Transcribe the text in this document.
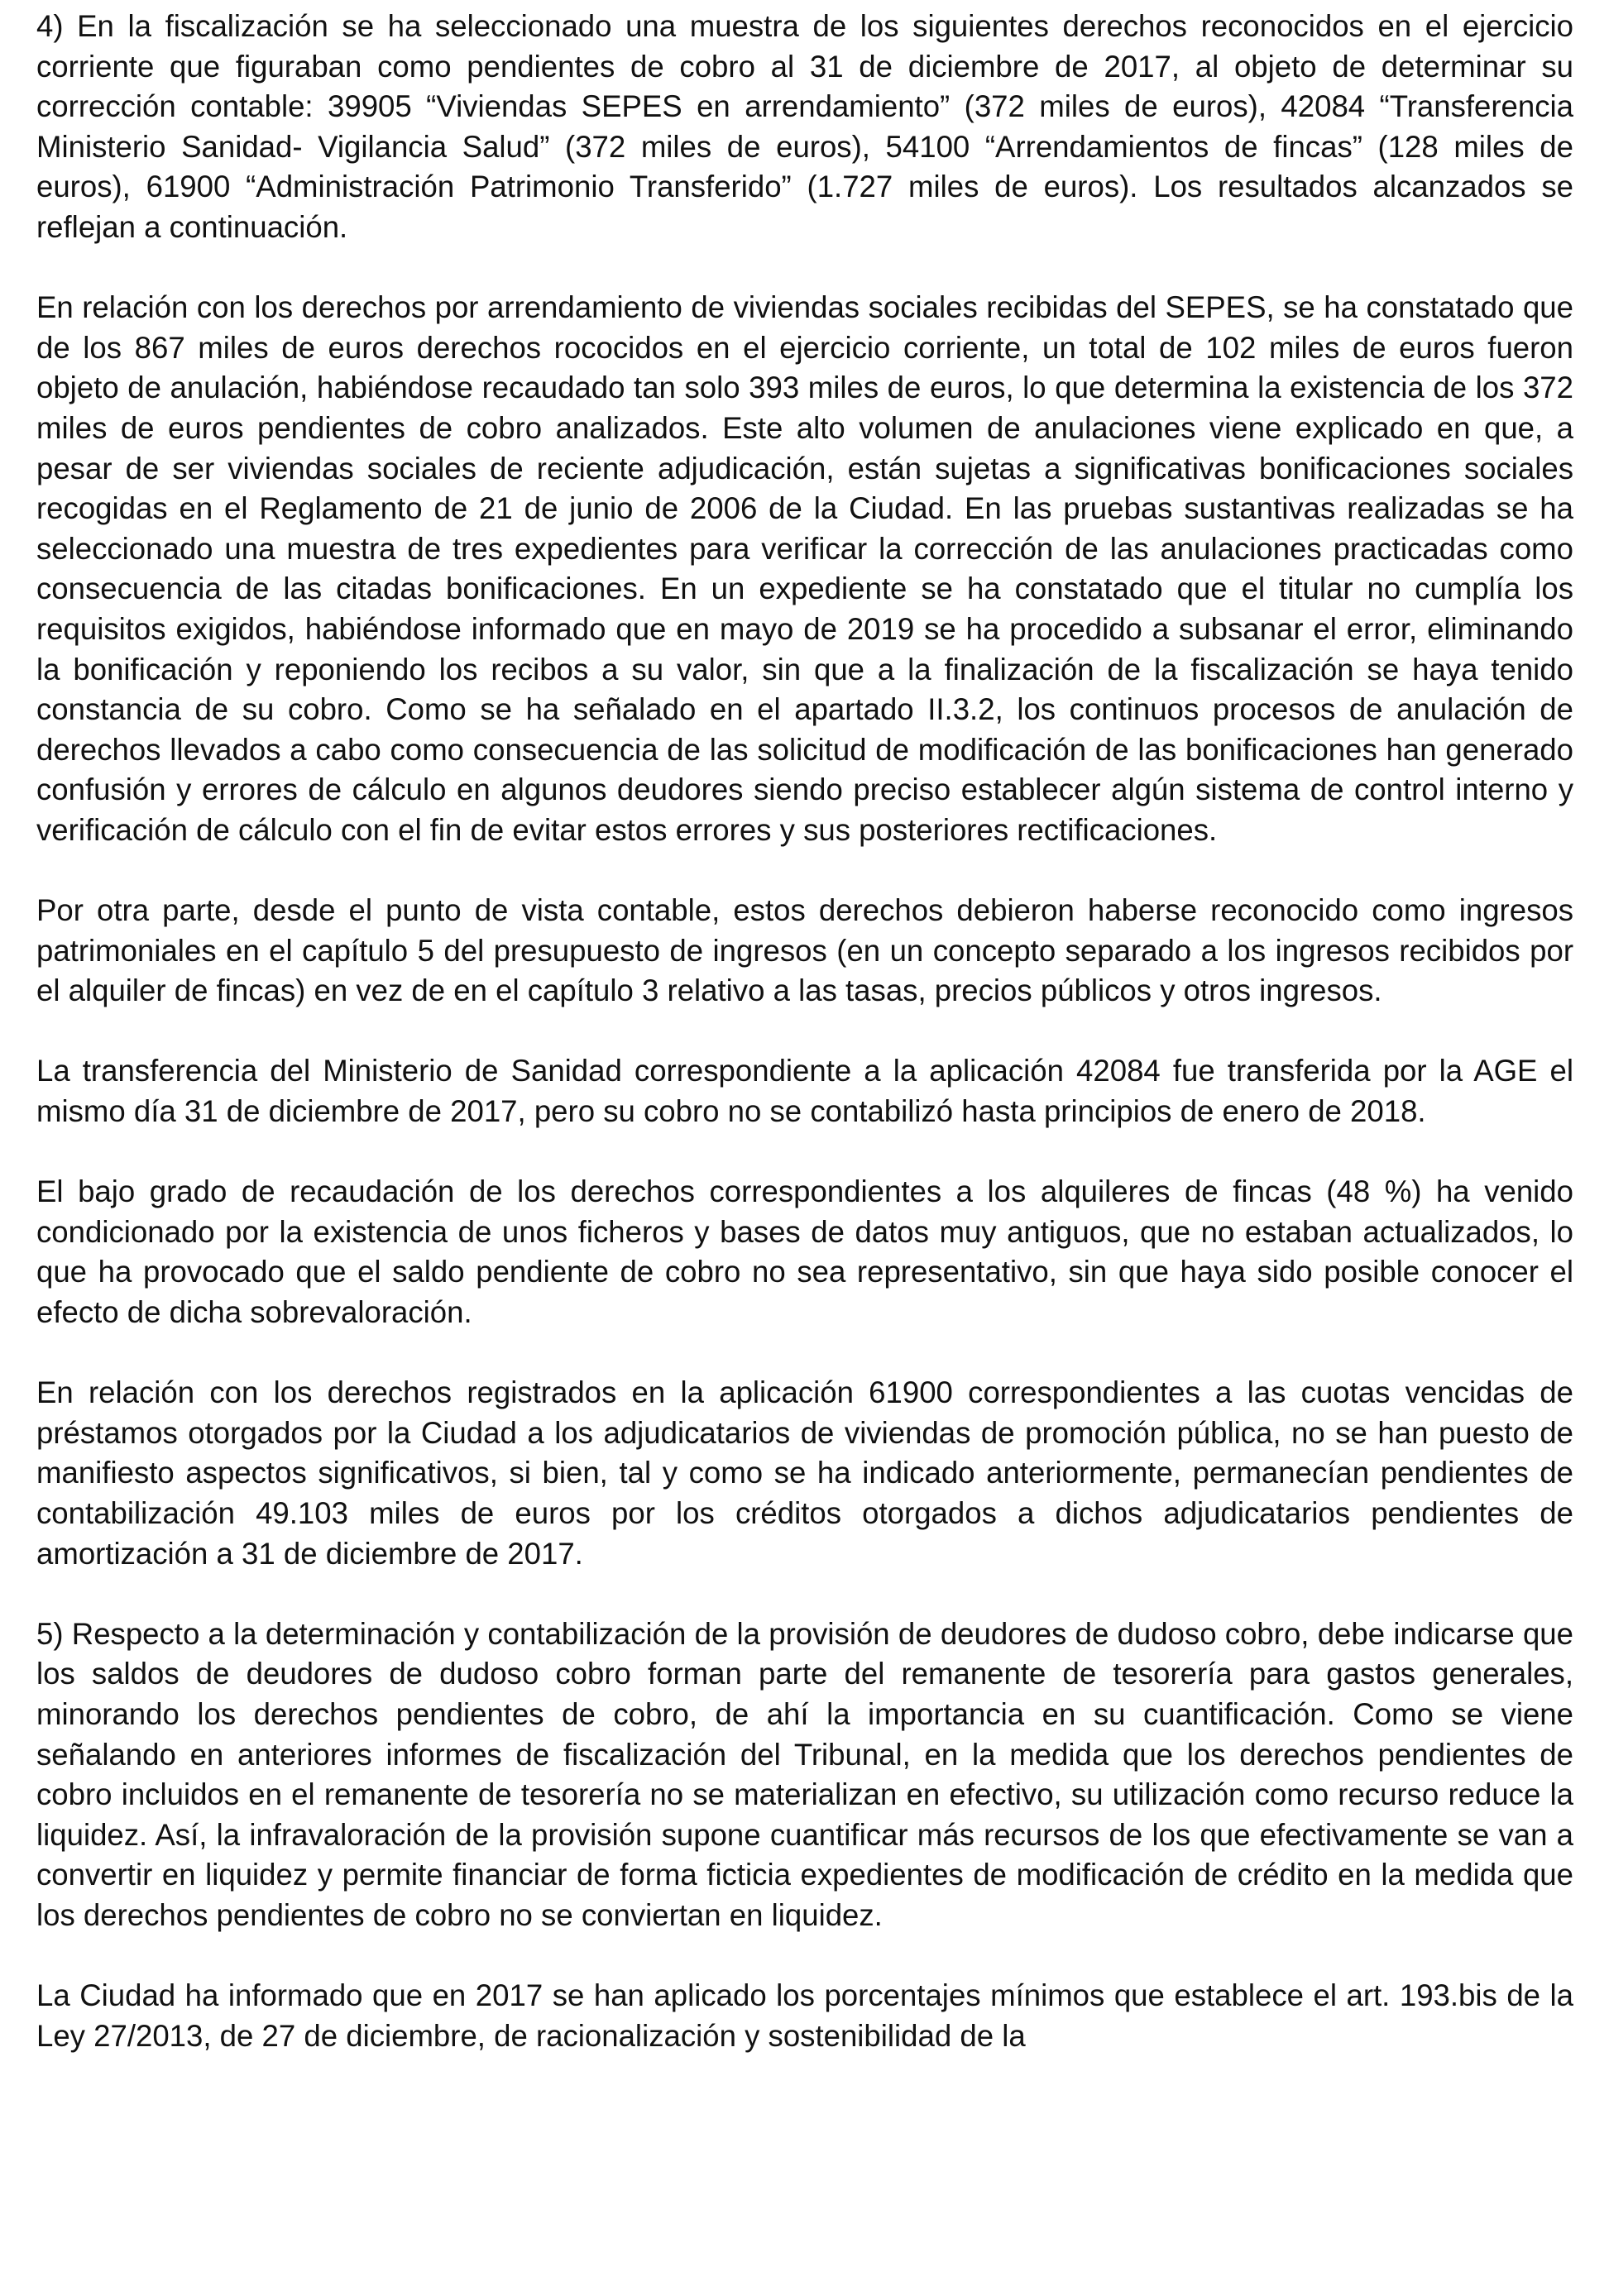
4) En la fiscalización se ha seleccionado una muestra de los siguientes derechos reconocidos en el ejercicio corriente que figuraban como pendientes de cobro al 31 de diciembre de 2017, al objeto de determinar su corrección contable: 39905 “Viviendas SEPES en arrendamiento” (372 miles de euros), 42084 “Transferencia Ministerio Sanidad- Vigilancia Salud” (372 miles de euros), 54100 “Arrendamientos de fincas” (128 miles de euros), 61900 “Administración Patrimonio Transferido” (1.727 miles de euros). Los resultados alcanzados se reflejan a continuación.

En relación con los derechos por arrendamiento de viviendas sociales recibidas del SEPES, se ha constatado que de los 867 miles de euros derechos rococidos en el ejercicio corriente, un total de 102 miles de euros fueron objeto de anulación, habiéndose recaudado tan solo 393 miles de euros, lo que determina la existencia de los 372 miles de euros pendientes de cobro analizados. Este alto volumen de anulaciones viene explicado en que, a pesar de ser viviendas sociales de reciente adjudicación, están sujetas a significativas bonificaciones sociales recogidas en el Reglamento de 21 de junio de 2006 de la Ciudad. En las pruebas sustantivas realizadas se ha seleccionado una muestra de tres expedientes para verificar la corrección de las anulaciones practicadas como consecuencia de las citadas bonificaciones. En un expediente se ha constatado que el titular no cumplía los requisitos exigidos, habiéndose informado que en mayo de 2019 se ha procedido a subsanar el error, eliminando la bonificación y reponiendo los recibos a su valor, sin que a la finalización de la fiscalización se haya tenido constancia de su cobro. Como se ha señalado en el apartado II.3.2, los continuos procesos de anulación de derechos llevados a cabo como consecuencia de las solicitud de modificación de las bonificaciones han generado confusión y errores de cálculo en algunos deudores siendo preciso establecer algún sistema de control interno y verificación de cálculo con el fin de evitar estos errores y sus posteriores rectificaciones.

Por otra parte, desde el punto de vista contable, estos derechos debieron haberse reconocido como ingresos patrimoniales en el capítulo 5 del presupuesto de ingresos (en un concepto separado a los ingresos recibidos por el alquiler de fincas) en vez de en el capítulo 3 relativo a las tasas, precios públicos y otros ingresos.

La transferencia del Ministerio de Sanidad correspondiente a la aplicación 42084 fue transferida por la AGE el mismo día 31 de diciembre de 2017, pero su cobro no se contabilizó hasta principios de enero de 2018.

El bajo grado de recaudación de los derechos correspondientes a los alquileres de fincas (48 %) ha venido condicionado por la existencia de unos ficheros y bases de datos muy antiguos, que no estaban actualizados, lo que ha provocado que el saldo pendiente de cobro no sea representativo, sin que haya sido posible conocer el efecto de dicha sobrevaloración.

En relación con los derechos registrados en la aplicación 61900 correspondientes a las cuotas vencidas de préstamos otorgados por la Ciudad a los adjudicatarios de viviendas de promoción pública, no se han puesto de manifiesto aspectos significativos, si bien, tal y como se ha indicado anteriormente, permanecían pendientes de contabilización 49.103 miles de euros por los créditos otorgados a dichos adjudicatarios pendientes de amortización a 31 de diciembre de 2017.

5) Respecto a la determinación y contabilización de la provisión de deudores de dudoso cobro, debe indicarse que los saldos de deudores de dudoso cobro forman parte del remanente de tesorería para gastos generales, minorando los derechos pendientes de cobro, de ahí la importancia en su cuantificación. Como se viene señalando en anteriores informes de fiscalización del Tribunal, en la medida que los derechos pendientes de cobro incluidos en el remanente de tesorería no se materializan en efectivo, su utilización como recurso reduce la liquidez. Así, la infravaloración de la provisión supone cuantificar más recursos de los que efectivamente se van a convertir en liquidez y permite financiar de forma ficticia expedientes de modificación de crédito en la medida que los derechos pendientes de cobro no se conviertan en liquidez.

La Ciudad ha informado que en 2017 se han aplicado los porcentajes mínimos que establece el art. 193.bis de la Ley 27/2013, de 27 de diciembre, de racionalización y sostenibilidad de la
